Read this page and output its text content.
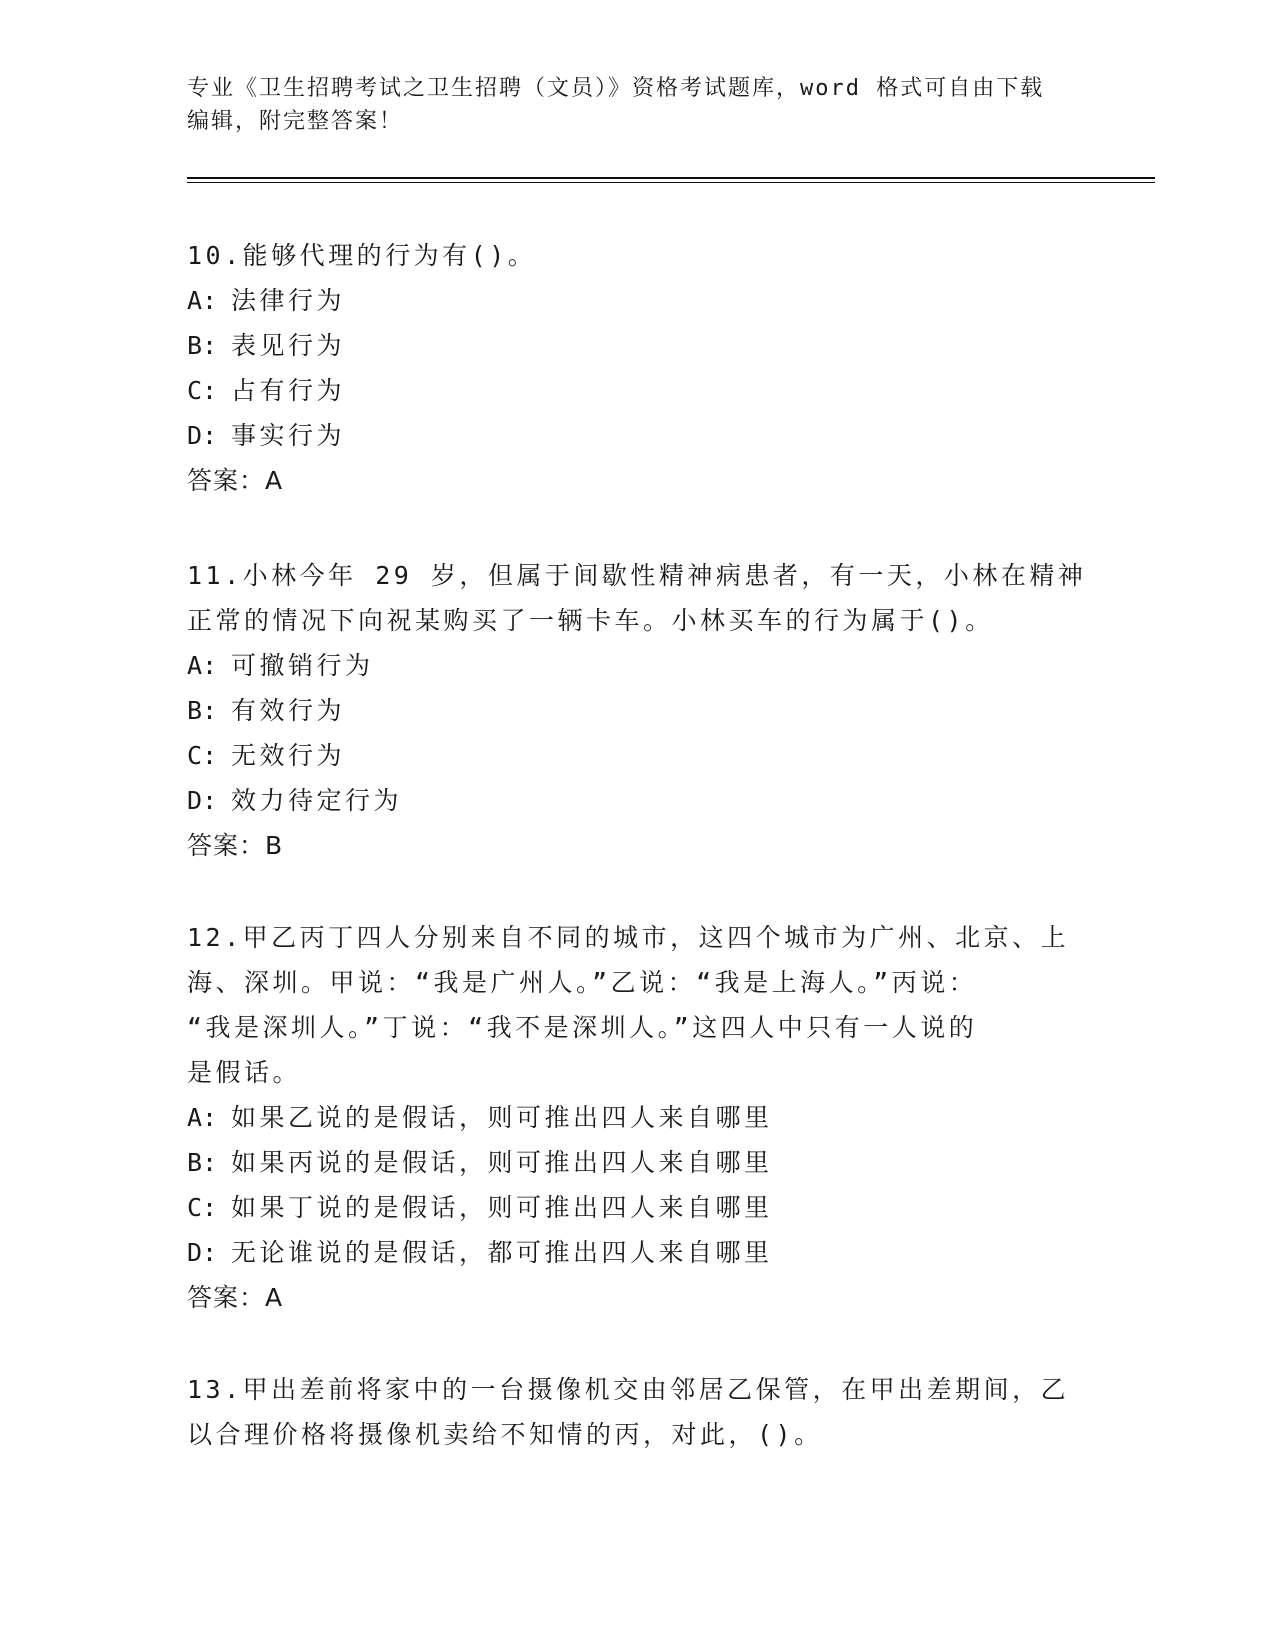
专业《卫生招聘考试之卫生招聘（文员）》资格考试题库，word 格式可自由下载
编辑，附完整答案！

10.能够代理的行为有()。

A: 法律行为

B: 表见行为

C: 占有行为

D: 事实行为

答案：A

11.小林今年 29 岁，但属于间歇性精神病患者，有一天，小林在精神

正常的情况下向祝某购买了一辆卡车。小林买车的行为属于()。

A: 可撤销行为

B: 有效行为

C: 无效行为

D: 效力待定行为

答案：B

12.甲乙丙丁四人分别来自不同的城市，这四个城市为广州、北京、上

海、深圳。甲说：“我是广州人。”乙说：“我是上海人。”丙说：

“我是深圳人。”丁说：“我不是深圳人。”这四人中只有一人说的

是假话。

A: 如果乙说的是假话，则可推出四人来自哪里

B: 如果丙说的是假话，则可推出四人来自哪里

C: 如果丁说的是假话，则可推出四人来自哪里

D: 无论谁说的是假话，都可推出四人来自哪里

答案：A

13.甲出差前将家中的一台摄像机交由邻居乙保管，在甲出差期间，乙

以合理价格将摄像机卖给不知情的丙，对此，()。
